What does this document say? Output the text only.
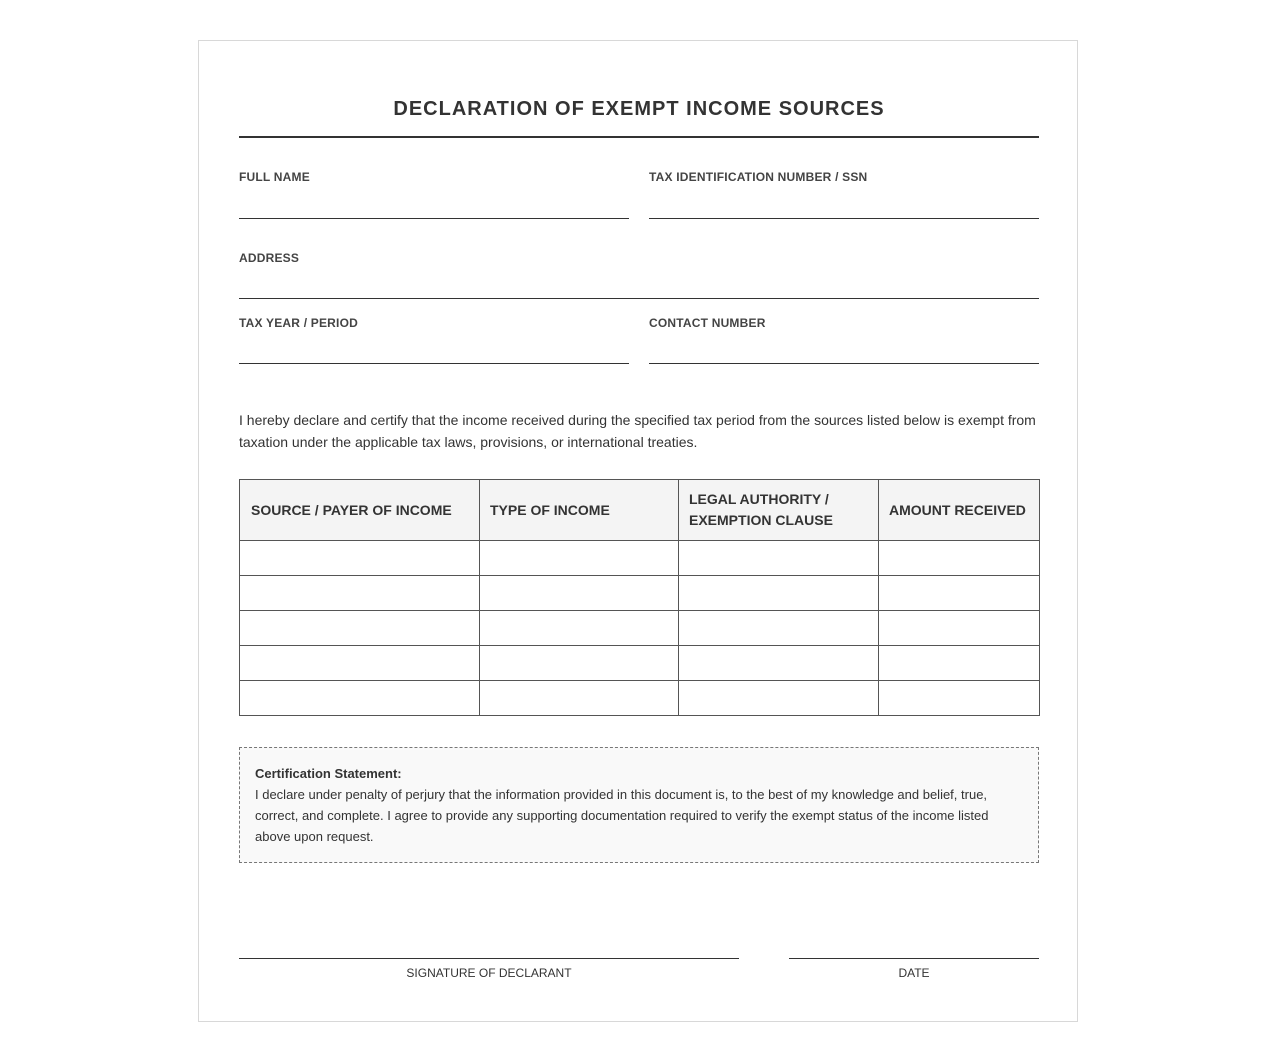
DECLARATION OF EXEMPT INCOME SOURCES
FULL NAME	TAX IDENTIFICATION NUMBER / SSN
ADDRESS
TAX YEAR / PERIOD	CONTACT NUMBER
I hereby declare and certify that the income received during the specified tax period from the sources listed below is exempt from taxation under the applicable tax laws, provisions, or international treaties.
SOURCE / PAYER OF INCOME	TYPE OF INCOME	LEGAL AUTHORITY / EXEMPTION CLAUSE	AMOUNT RECEIVED

Certification Statement:
I declare under penalty of perjury that the information provided in this document is, to the best of my knowledge and belief, true, correct, and complete. I agree to provide any supporting documentation required to verify the exempt status of the income listed above upon request.
SIGNATURE OF DECLARANT	DATE
